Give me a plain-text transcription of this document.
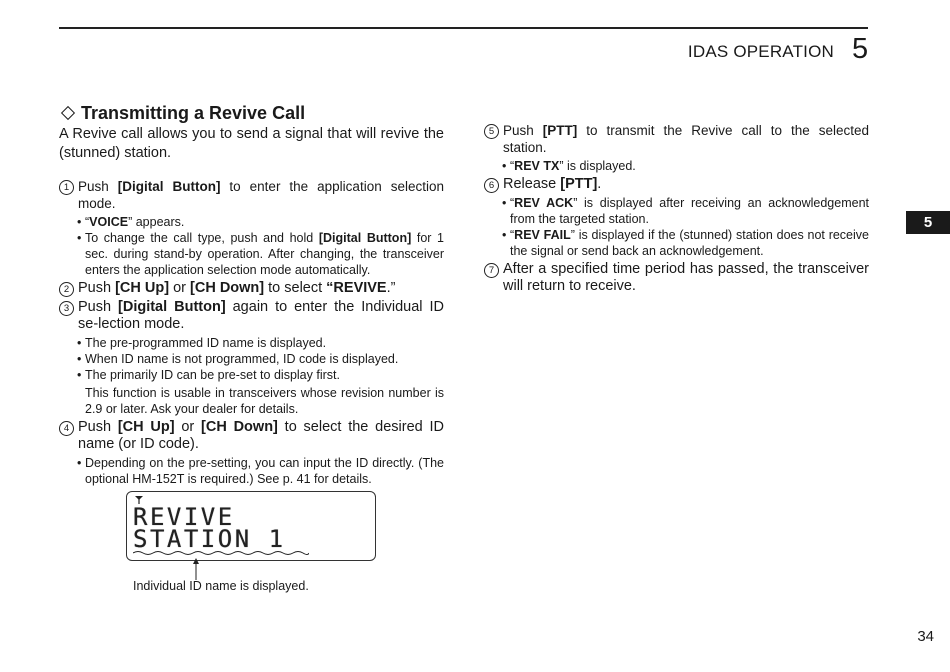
IDAS OPERATION 5
5
Transmitting a Revive Call

A Revive call allows you to send a signal that will revive the (stunned) station.

1 Push [Digital Button] to enter the application selection mode.
• “VOICE” appears.
• To change the call type, push and hold [Digital Button] for 1 sec. during stand-by operation. After changing, the transceiver enters the application selection mode automatically.
2 Push [CH Up] or [CH Down] to select “REVIVE.”
3 Push [Digital Button] again to enter the Individual ID se-lection mode.
• The pre-programmed ID name is displayed.
• When ID name is not programmed, ID code is displayed.
• The primarily ID can be pre-set to display first.
This function is usable in transceivers whose revision number is 2.9 or later. Ask your dealer for details.
4 Push [CH Up] or [CH Down] to select the desired ID name (or ID code).
• Depending on the pre-setting, you can input the ID directly. (The optional HM-152T is required.) See p. 41 for details.
REVIVE
STATION 1
Individual ID name is displayed.
5 Push [PTT] to transmit the Revive call to the selected station.
• “REV TX” is displayed.
6 Release [PTT].
• “REV ACK” is displayed after receiving an acknowledgement from the targeted station.
• “REV FAIL” is displayed if the (stunned) station does not receive the signal or send back an acknowledgement.
7 After a specified time period has passed, the transceiver will return to receive.
34
